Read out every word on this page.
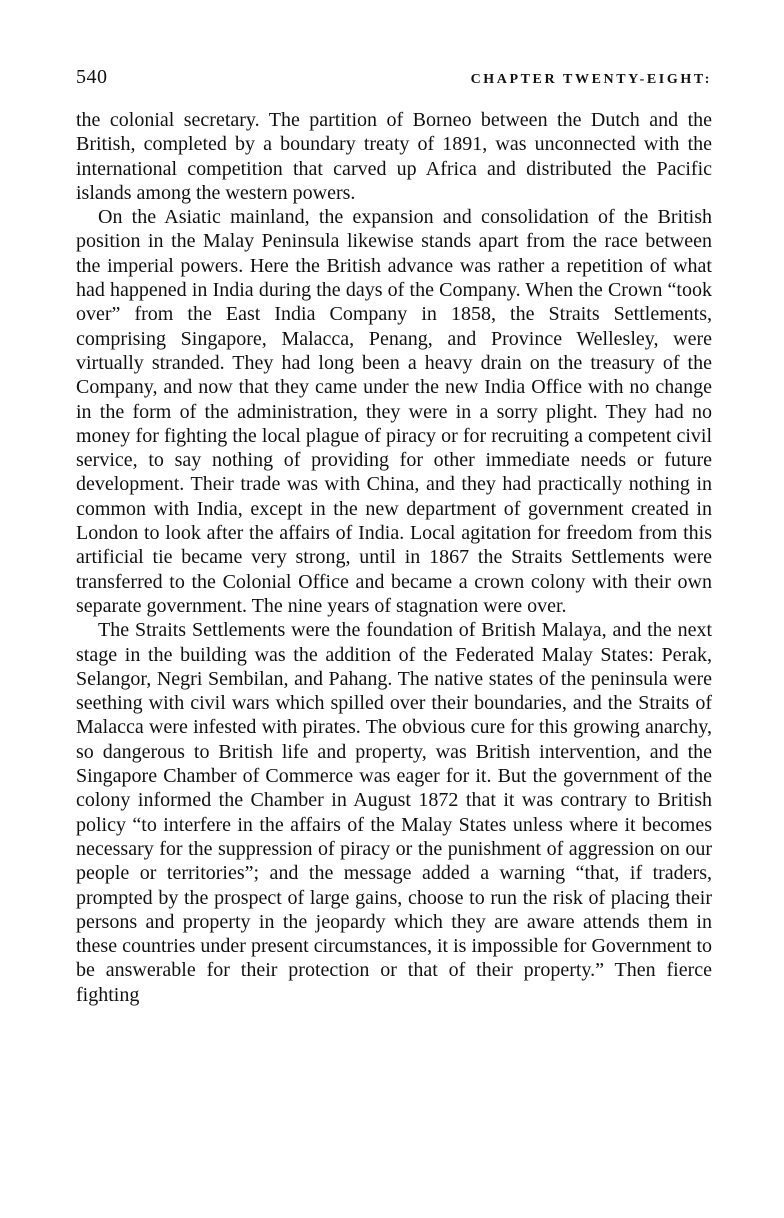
540	CHAPTER TWENTY-EIGHT:

the colonial secretary. The partition of Borneo between the Dutch and the British, completed by a boundary treaty of 1891, was unconnected with the international competition that carved up Africa and distributed the Pacific islands among the western powers.

On the Asiatic mainland, the expansion and consolidation of the British position in the Malay Peninsula likewise stands apart from the race between the imperial powers. Here the British advance was rather a repetition of what had happened in India during the days of the Company. When the Crown “took over” from the East India Company in 1858, the Straits Settlements, comprising Singapore, Malacca, Penang, and Province Wellesley, were virtually stranded. They had long been a heavy drain on the treasury of the Company, and now that they came under the new India Office with no change in the form of the administration, they were in a sorry plight. They had no money for fighting the local plague of piracy or for recruiting a competent civil service, to say nothing of providing for other immediate needs or future development. Their trade was with China, and they had practically nothing in common with India, except in the new department of government created in London to look after the affairs of India. Local agitation for freedom from this artificial tie became very strong, until in 1867 the Straits Settlements were transferred to the Colonial Office and became a crown colony with their own separate government. The nine years of stagnation were over.

The Straits Settlements were the foundation of British Malaya, and the next stage in the building was the addition of the Federated Malay States: Perak, Selangor, Negri Sembilan, and Pahang. The native states of the peninsula were seething with civil wars which spilled over their boundaries, and the Straits of Malacca were infested with pirates. The obvious cure for this growing anarchy, so dangerous to British life and property, was British intervention, and the Singapore Chamber of Commerce was eager for it. But the government of the colony informed the Chamber in August 1872 that it was contrary to British policy “to interfere in the affairs of the Malay States unless where it becomes necessary for the suppression of piracy or the punishment of aggression on our people or territories”; and the message added a warning “that, if traders, prompted by the prospect of large gains, choose to run the risk of placing their persons and property in the jeopardy which they are aware attends them in these countries under present circumstances, it is impossible for Government to be answerable for their protection or that of their property.” Then fierce fighting
